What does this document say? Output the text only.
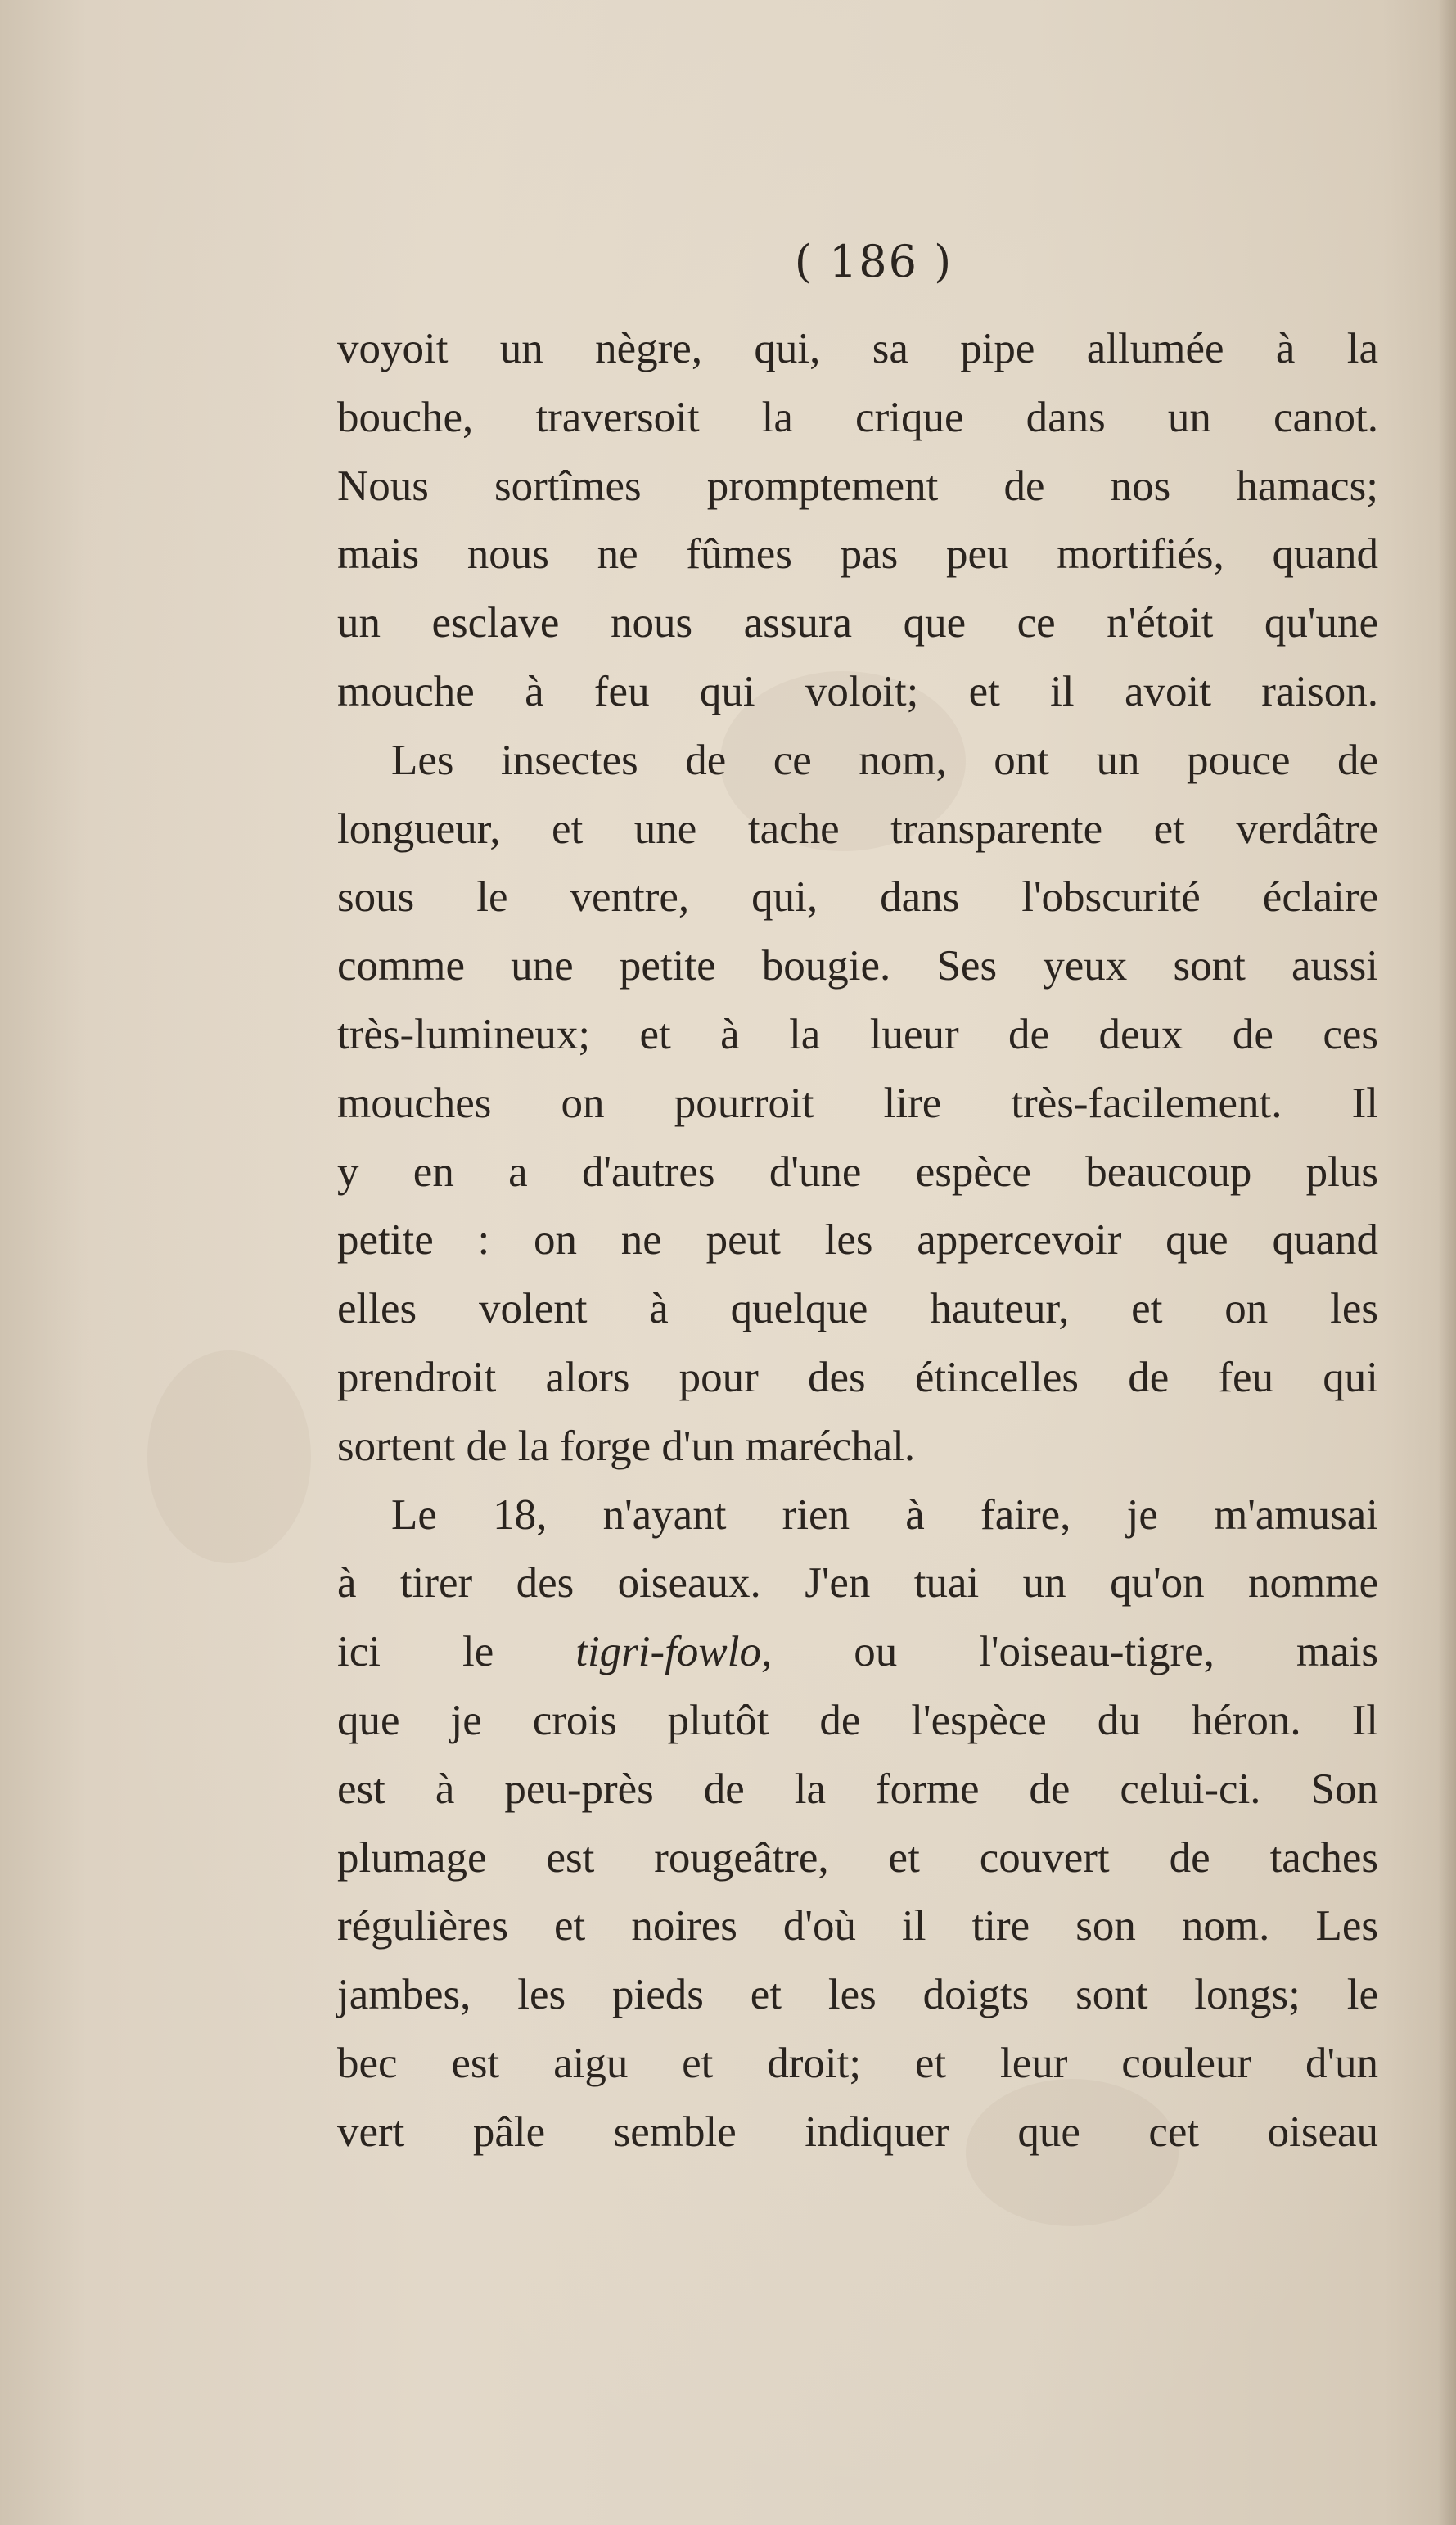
( 186 )
voyoit un nègre, qui, sa pipe allumée à la
bouche, traversoit la crique dans un canot.
Nous sortîmes promptement de nos hamacs;
mais nous ne fûmes pas peu mortifiés, quand
un esclave nous assura que ce n'étoit qu'une
mouche à feu qui voloit; et il avoit raison.
Les insectes de ce nom, ont un pouce de
longueur, et une tache transparente et verdâtre
sous le ventre, qui, dans l'obscurité éclaire
comme une petite bougie. Ses yeux sont aussi
très-lumineux; et à la lueur de deux de ces
mouches on pourroit lire très-facilement. Il
y en a d'autres d'une espèce beaucoup plus
petite : on ne peut les appercevoir que quand
elles volent à quelque hauteur, et on les
prendroit alors pour des étincelles de feu qui
sortent de la forge d'un maréchal.
Le 18, n'ayant rien à faire, je m'amusai
à tirer des oiseaux. J'en tuai un qu'on nomme
ici le tigri-fowlo, ou l'oiseau-tigre, mais
que je crois plutôt de l'espèce du héron. Il
est à peu-près de la forme de celui-ci. Son
plumage est rougeâtre, et couvert de taches
régulières et noires d'où il tire son nom. Les
jambes, les pieds et les doigts sont longs; le
bec est aigu et droit; et leur couleur d'un
vert pâle semble indiquer que cet oiseau
